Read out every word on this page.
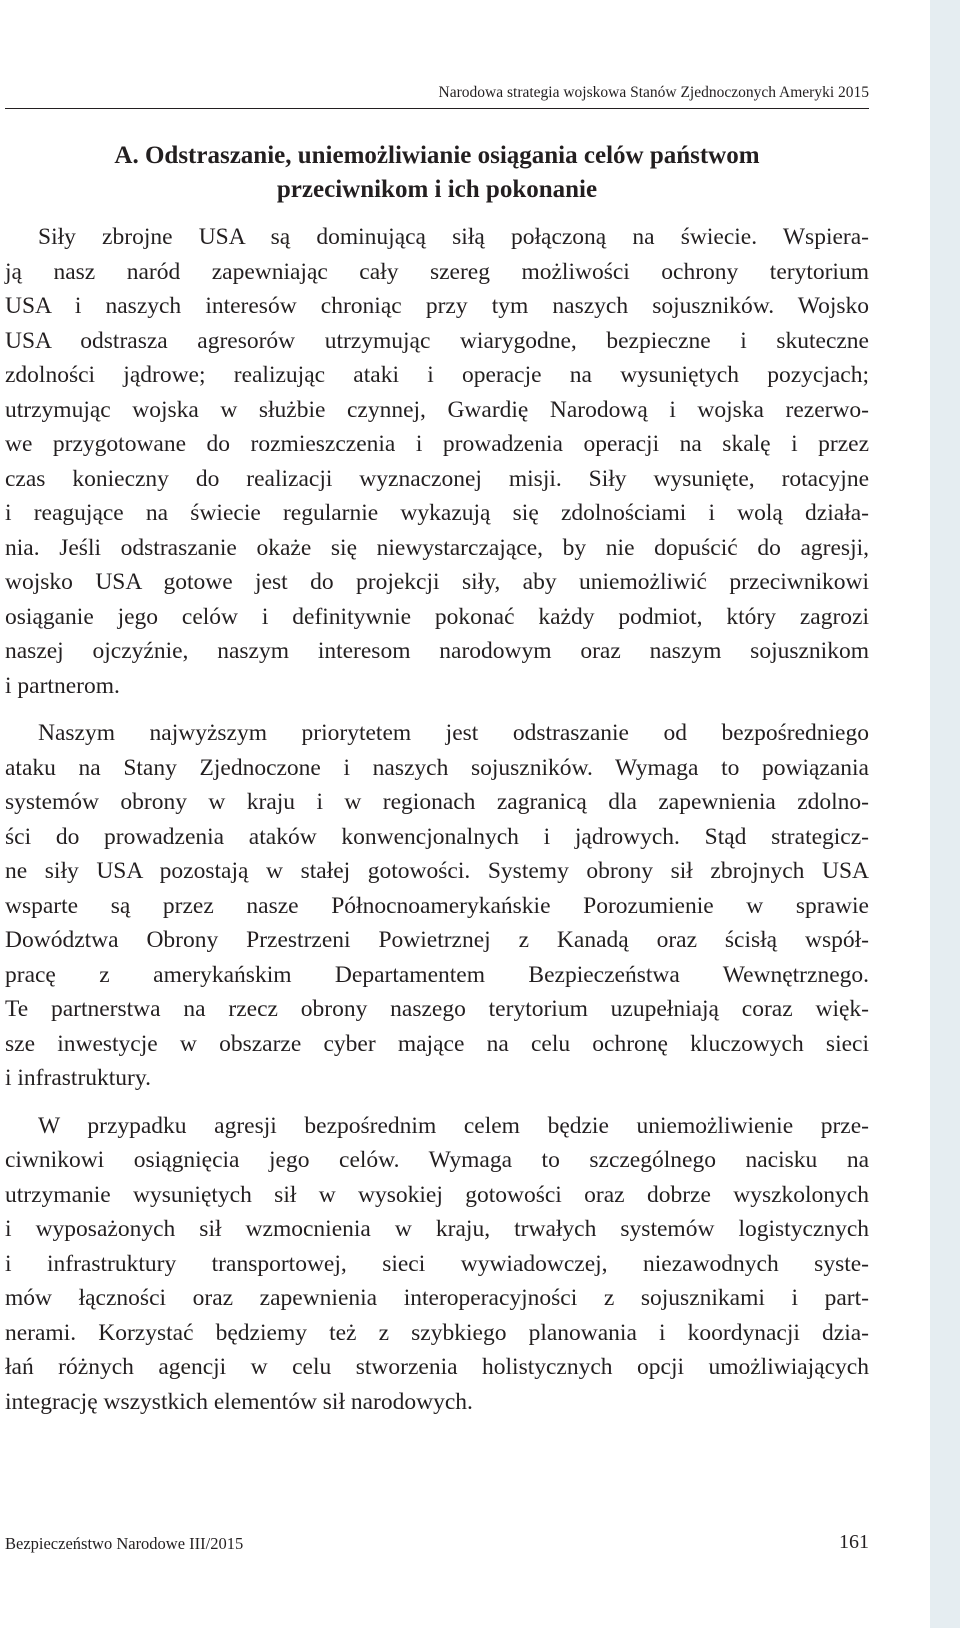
Narodowa strategia wojskowa Stanów Zjednoczonych Ameryki 2015
A. Odstraszanie, uniemożliwianie osiągania celów państwom
przeciwnikom i ich pokonanie

Siły zbrojne USA są dominującą siłą połączoną na świecie. Wspiera-
ją nasz naród zapewniając cały szereg możliwości ochrony terytorium
USA i naszych interesów chroniąc przy tym naszych sojuszników. Wojsko
USA odstrasza agresorów utrzymując wiarygodne, bezpieczne i skuteczne
zdolności jądrowe; realizując ataki i operacje na wysuniętych pozycjach;
utrzymując wojska w służbie czynnej, Gwardię Narodową i wojska rezerwo-
we przygotowane do rozmieszczenia i prowadzenia operacji na skalę i przez
czas konieczny do realizacji wyznaczonej misji. Siły wysunięte, rotacyjne
i reagujące na świecie regularnie wykazują się zdolnościami i wolą działa-
nia. Jeśli odstraszanie okaże się niewystarczające, by nie dopuścić do agresji,
wojsko USA gotowe jest do projekcji siły, aby uniemożliwić przeciwnikowi
osiąganie jego celów i definitywnie pokonać każdy podmiot, który zagrozi
naszej ojczyźnie, naszym interesom narodowym oraz naszym sojusznikom
i partnerom.

Naszym najwyższym priorytetem jest odstraszanie od bezpośredniego
ataku na Stany Zjednoczone i naszych sojuszników. Wymaga to powiązania
systemów obrony w kraju i w regionach zagranicą dla zapewnienia zdolno-
ści do prowadzenia ataków konwencjonalnych i jądrowych. Stąd strategicz-
ne siły USA pozostają w stałej gotowości. Systemy obrony sił zbrojnych USA
wsparte są przez nasze Północnoamerykańskie Porozumienie w sprawie
Dowództwa Obrony Przestrzeni Powietrznej z Kanadą oraz ścisłą współ-
pracę z amerykańskim Departamentem Bezpieczeństwa Wewnętrznego.
Te partnerstwa na rzecz obrony naszego terytorium uzupełniają coraz więk-
sze inwestycje w obszarze cyber mające na celu ochronę kluczowych sieci
i infrastruktury.

W przypadku agresji bezpośrednim celem będzie uniemożliwienie prze-
ciwnikowi osiągnięcia jego celów. Wymaga to szczególnego nacisku na
utrzymanie wysuniętych sił w wysokiej gotowości oraz dobrze wyszkolonych
i wyposażonych sił wzmocnienia w kraju, trwałych systemów logistycznych
i infrastruktury transportowej, sieci wywiadowczej, niezawodnych syste-
mów łączności oraz zapewnienia interoperacyjności z sojusznikami i part-
nerami. Korzystać będziemy też z szybkiego planowania i koordynacji dzia-
łań różnych agencji w celu stworzenia holistycznych opcji umożliwiających
integrację wszystkich elementów sił narodowych.

Bezpieczeństwo Narodowe III/2015	161
